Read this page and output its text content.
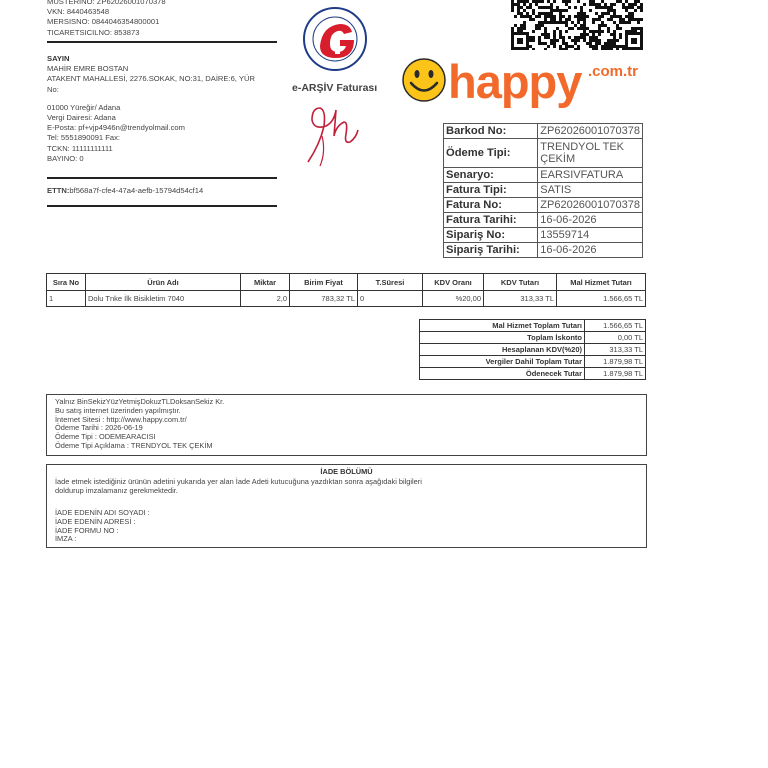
MUSTERINO: ZP62026001070378
VKN: 8440463548
MERSISNO: 0844046354800001
TICARETSICILNO: 853873
SAYIN
MAHİR EMRE BOSTAN
ATAKENT MAHALLESİ, 2276.SOKAK, NO:31, DAİRE:6, YÜR
No:
01000 Yüreğir/ Adana
Vergi Dairesi: Adana
E-Posta: pf+vjp4946n@trendyolmail.com
Tel: 5551890091 Fax:
TCKN: 11111111111
BAYINO: 0
ETTN:bf568a7f-cfe4-47a4-aefb-15794d54cf14
e-ARŞİV Faturası happy .com.tr
Barkod No:	ZP62026001070378
Ödeme Tipi:	TRENDYOL TEK ÇEKİM
Senaryo:	EARSIVFATURA
Fatura Tipi:	SATIS
Fatura No:	ZP62026001070378
Fatura Tarihi:	16-06-2026
Sipariş No:	13559714
Sipariş Tarihi:	16-06-2026
Sıra No	Ürün Adı	Miktar	Birim Fiyat	T.Süresi	KDV Oranı	KDV Tutarı	Mal Hizmet Tutarı
1	Dolu Tnke İlk Bisikletim 7040	2,0	783,32 TL	0	%20,00	313,33 TL	1.566,65 TL
Mal Hizmet Toplam Tutarı	1.566,65 TL
Toplam İskonto	0,00 TL
Hesaplanan KDV(%20)	313,33 TL
Vergiler Dahil Toplam Tutar	1.879,98 TL
Ödenecek Tutar	1.879,98 TL
Yalnız BinSekizYüzYetmişDokuzTLDoksanSekiz Kr.
Bu satış internet üzerinden yapılmıştır.
İnternet Sitesi : http://www.happy.com.tr/
Ödeme Tarihi : 2026-06-19
Ödeme Tipi : ODEMEARACISI
Ödeme Tipi Açıklama : TRENDYOL TEK ÇEKİM
İADE BÖLÜMÜ
İade etmek istediğiniz ürünün adetini yukarıda yer alan İade Adeti kutucuğuna yazdıktan sonra aşağıdaki bilgileri
doldurup imzalamanız gerekmektedir.
İADE EDENİN ADI SOYADI :
İADE EDENİN ADRESİ :
İADE FORMU NO :
İMZA :
